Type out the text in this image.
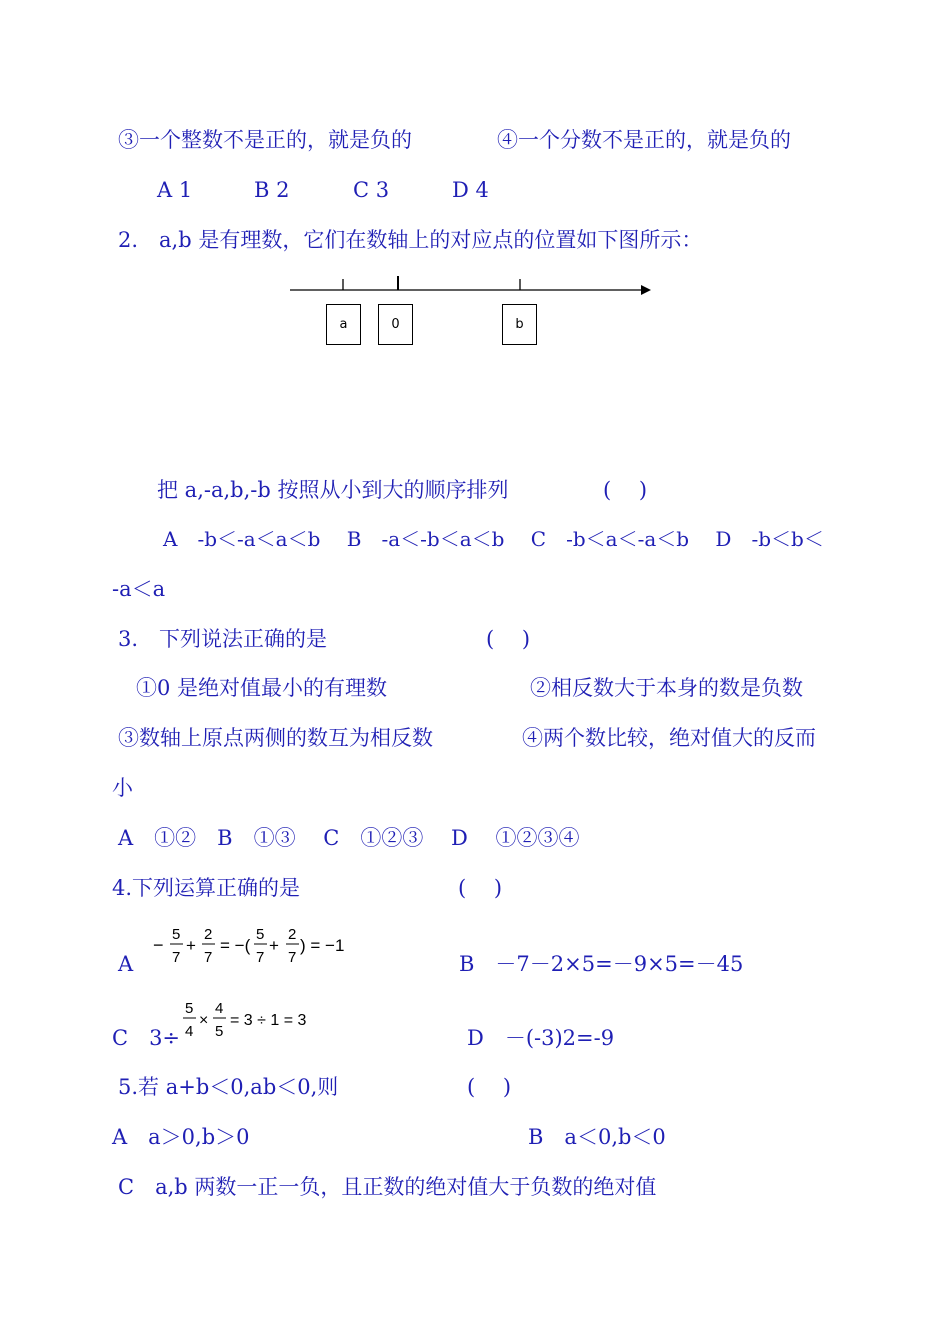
③一个整数不是正的，就是负的	④一个分数不是正的，就是负的
A 1	B 2	C 3	D 4
2.　a,b 是有理数，它们在数轴上的对应点的位置如下图所示：
a	0	b
把 a,-a,b,-b 按照从小到大的顺序排列	(　 )
A　-b＜-a＜a＜b　 B　-a＜-b＜a＜b　 C　-b＜a＜-a＜b　 D　-b＜b＜
-a＜a
3.　下列说法正确的是	(　 )
①0 是绝对值最小的有理数	②相反数大于本身的数是负数
③数轴上原点两侧的数互为相反数	④两个数比较，绝对值大的反而
小
A　①②　B　①③　 C　①②③　 D　 ①②③④
4.下列运算正确的是	(　 )
A
−
5
7
+
2
7
= −(
5
7
+
2
7
) = −1
B　－7－2×5=－9×5=－45
C　3÷
5
4
×
4
5
= 3 ÷ 1 = 3
D　－(-3)2=-9
5.若 a+b＜0,ab＜0,则	(　 )
A　a＞0,b＞0	B　a＜0,b＜0
C　a,b 两数一正一负，且正数的绝对值大于负数的绝对值
